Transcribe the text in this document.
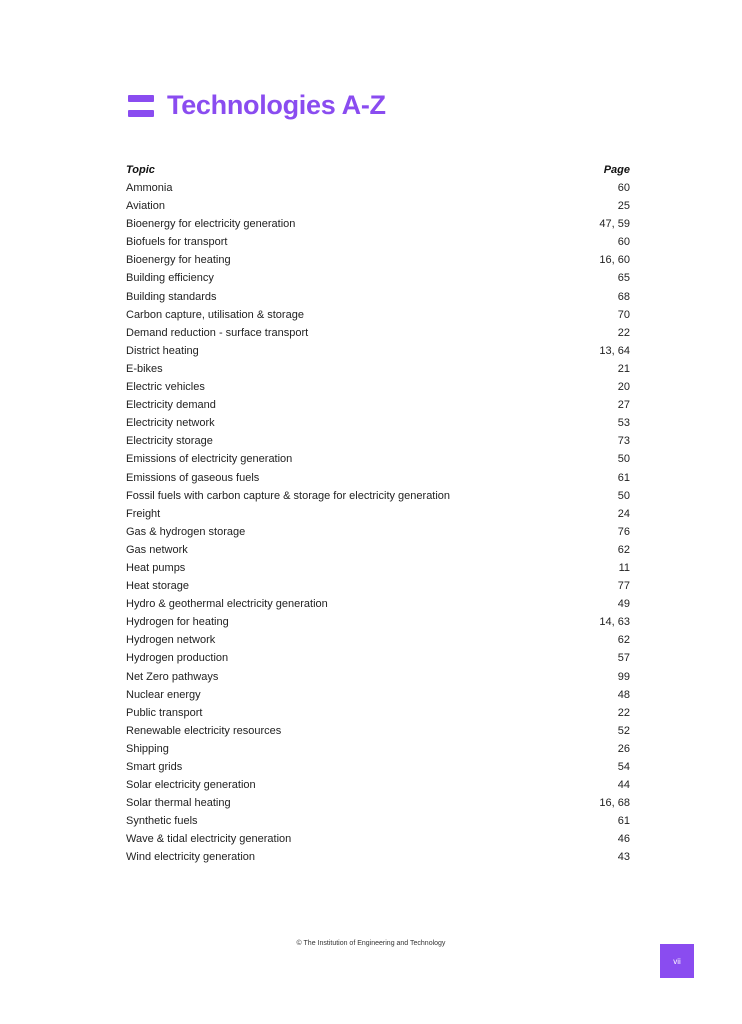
Technologies A-Z
Topic	Page
Ammonia	60
Aviation	25
Bioenergy for electricity generation	47, 59
Biofuels for transport	60
Bioenergy for heating	16, 60
Building efficiency	65
Building standards	68
Carbon capture, utilisation & storage	70
Demand reduction - surface transport	22
District heating	13, 64
E-bikes	21
Electric vehicles	20
Electricity demand	27
Electricity network	53
Electricity storage	73
Emissions of electricity generation	50
Emissions of gaseous fuels	61
Fossil fuels with carbon capture & storage for electricity generation	50
Freight	24
Gas & hydrogen storage	76
Gas network	62
Heat pumps	11
Heat storage	77
Hydro & geothermal electricity generation	49
Hydrogen for heating	14, 63
Hydrogen network	62
Hydrogen production	57
Net Zero pathways	99
Nuclear energy	48
Public transport	22
Renewable electricity resources	52
Shipping	26
Smart grids	54
Solar electricity generation	44
Solar thermal heating	16, 68
Synthetic fuels	61
Wave & tidal electricity generation	46
Wind electricity generation	43
© The Institution of Engineering and Technology
vii
